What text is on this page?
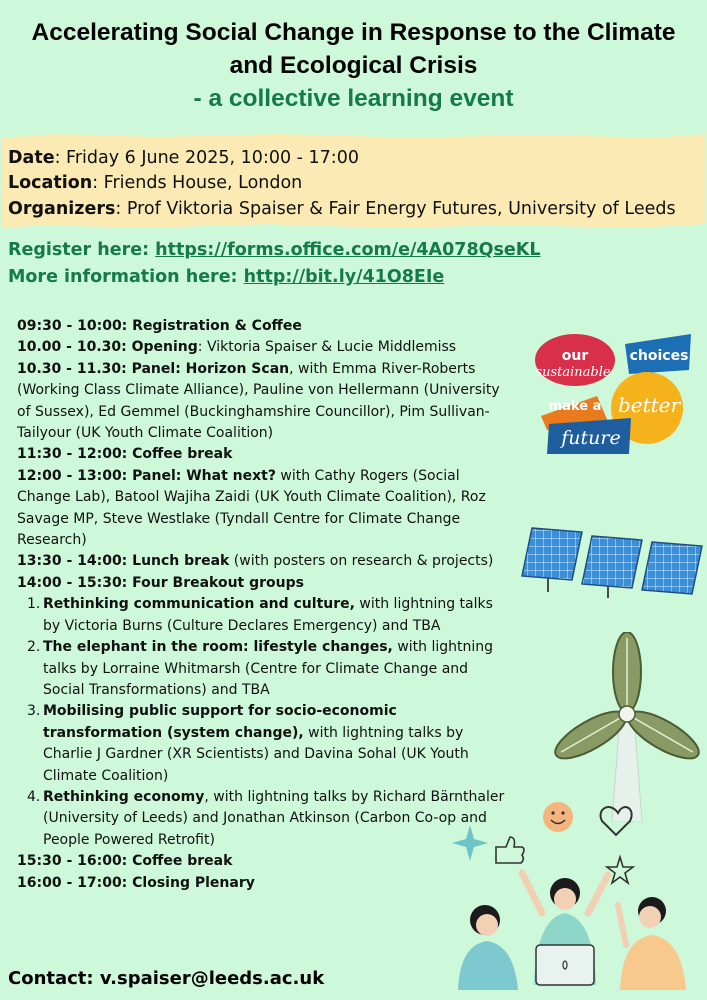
Accelerating Social Change in Response to the Climate
and Ecological Crisis
- a collective learning event
Date: Friday 6 June 2025, 10:00 - 17:00
Location: Friends House, London
Organizers: Prof Viktoria Spaiser & Fair Energy Futures, University of Leeds
Register here: https://forms.office.com/e/4A078QseKL
More information here: http://bit.ly/41O8EIe
09:30 - 10:00: Registration & Coffee
10.00 - 10.30: Opening: Viktoria Spaiser & Lucie Middlemiss
10.30 - 11.30: Panel: Horizon Scan, with Emma River-Roberts (Working Class Climate Alliance), Pauline von Hellermann (University of Sussex), Ed Gemmel (Buckinghamshire Councillor), Pim Sullivan-Tailyour (UK Youth Climate Coalition)
11:30 - 12:00: Coffee break
12:00 - 13:00: Panel: What next? with Cathy Rogers (Social Change Lab), Batool Wajiha Zaidi (UK Youth Climate Coalition), Roz Savage MP, Steve Westlake (Tyndall Centre for Climate Change Research)
13:30 - 14:00: Lunch break (with posters on research & projects)
14:00 - 15:30: Four Breakout groups
1. Rethinking communication and culture, with lightning talks by Victoria Burns (Culture Declares Emergency) and TBA
2. The elephant in the room: lifestyle changes, with lightning talks by Lorraine Whitmarsh (Centre for Climate Change and Social Transformations) and TBA
3. Mobilising public support for socio-economic transformation (system change), with lightning talks by Charlie J Gardner (XR Scientists) and Davina Sohal (UK Youth Climate Coalition)
4. Rethinking economy, with lightning talks by Richard Bärnthaler (University of Leeds) and Jonathan Atkinson (Carbon Co-op and People Powered Retrofit)
15:30 - 16:00: Coffee break
16:00 - 17:00: Closing Plenary
our
sustainable
choices
make a better
future
Contact: v.spaiser@leeds.ac.uk
